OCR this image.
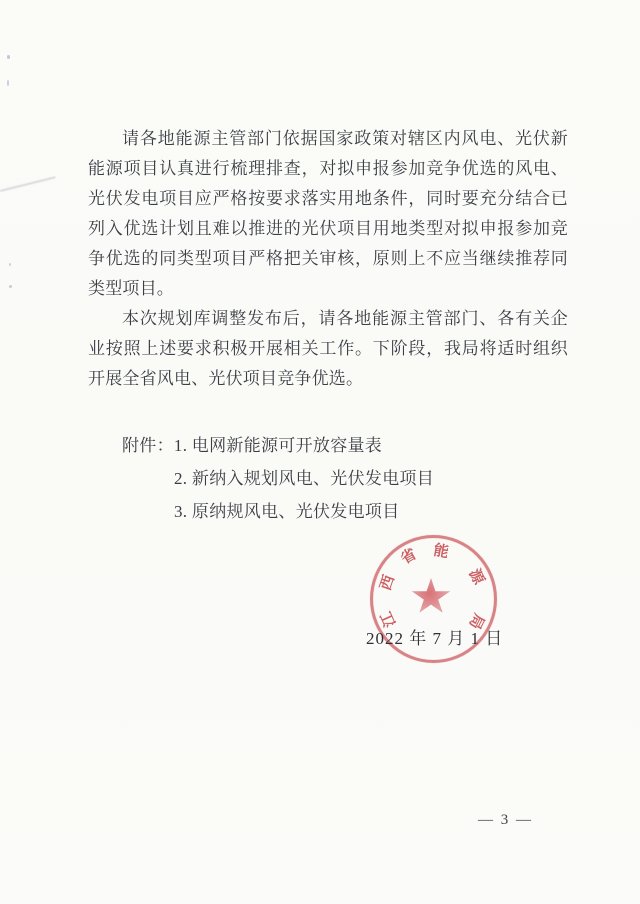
请各地能源主管部门依据国家政策对辖区内风电、光伏新能源项目认真进行梳理排查，对拟申报参加竞争优选的风电、光伏发电项目应严格按要求落实用地条件，同时要充分结合已列入优选计划且难以推进的光伏项目用地类型对拟申报参加竞争优选的同类型项目严格把关审核，原则上不应当继续推荐同类型项目。

本次规划库调整发布后，请各地能源主管部门、各有关企业按照上述要求积极开展相关工作。下阶段，我局将适时组织开展全省风电、光伏项目竞争优选。

附件：1. 电网新能源可开放容量表
2. 新纳入规划风电、光伏发电项目
3. 原纳规风电、光伏发电项目
江
西
省 能
源
局
2022 年 7 月 1 日
— 3 —
